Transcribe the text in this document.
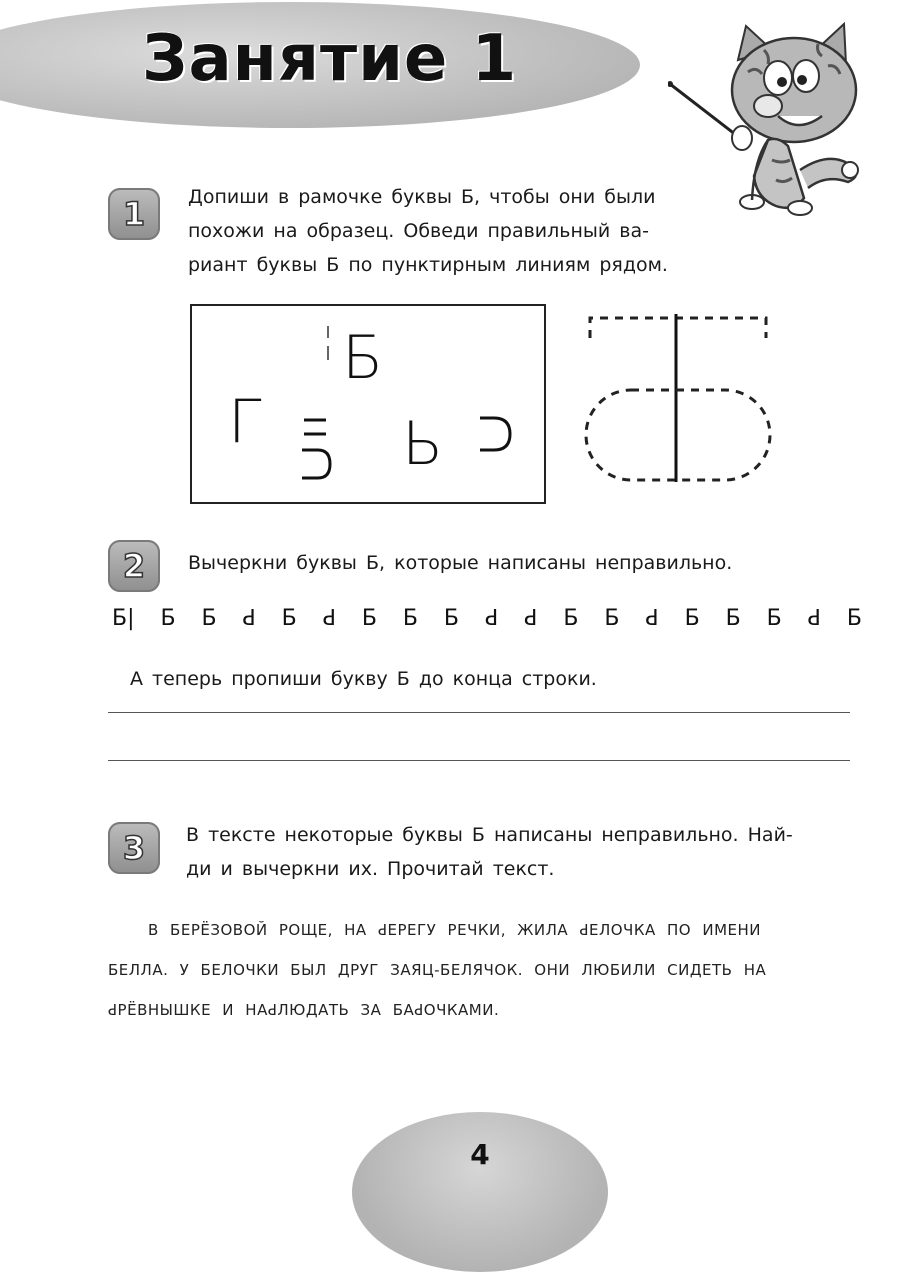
Занятие 1
1	Допиши в рамочке буквы Б, чтобы они были
похожи на образец. Обведи правильный ва-
риант буквы Б по пунктирным линиям рядом.
Б
Г Ь
2	Вычеркни буквы Б, которые написаны неправильно.
Б| Б Б ꓒ Б ꓒ Б Б Б ꓒ ꓒ Б Б ꓒ Б Б Б ꓒ Б
А теперь пропиши букву Б до конца строки.
3	В тексте некоторые буквы Б написаны неправильно. Най-
ди и вычеркни их. Прочитай текст.
В БЕРЁЗОВОЙ РОЩЕ, НА ꓒЕРЕГУ РЕЧКИ, ЖИЛА ꓒЕЛОЧКА ПО ИМЕНИ
БЕЛЛА. У БЕЛОЧКИ БЫЛ ДРУГ ЗАЯЦ-БЕЛЯЧОК. ОНИ ЛЮБИЛИ СИДЕТЬ НА
ꓒРЁВНЫШКЕ И НАꓒЛЮДАТЬ ЗА БАꓒОЧКАМИ.
4
